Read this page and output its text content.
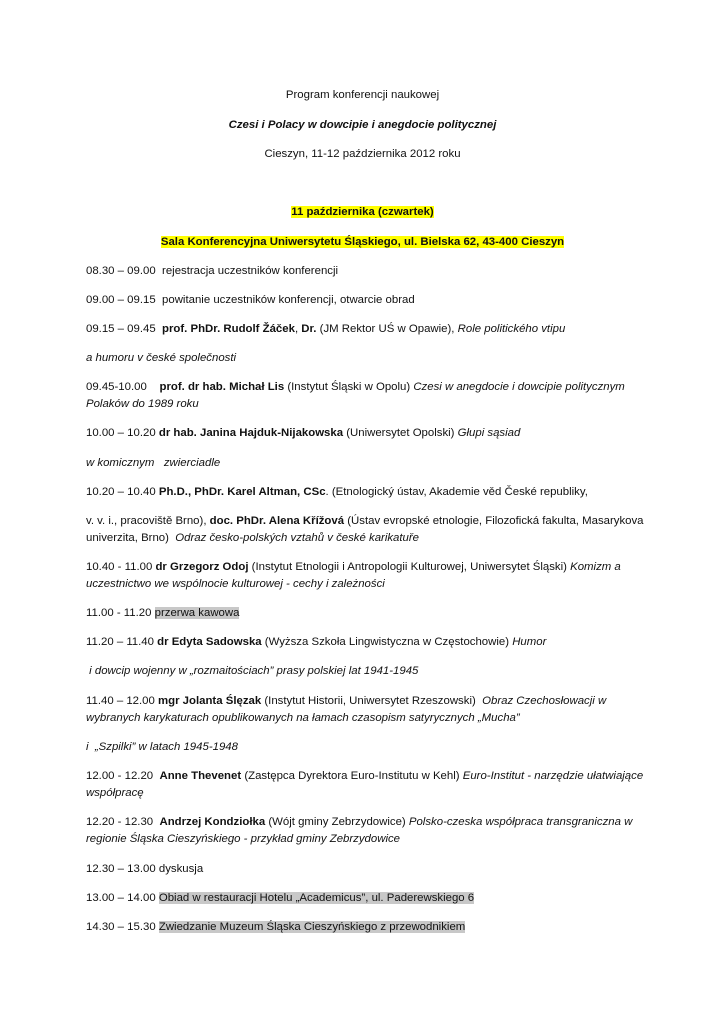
Program konferencji naukowej
Czesi i Polacy w dowcipie i anegdocie politycznej
Cieszyn, 11-12 października 2012 roku
11 października (czwartek)
Sala Konferencyjna Uniwersytetu Śląskiego, ul. Bielska 62, 43-400 Cieszyn
08.30 – 09.00 rejestracja uczestników konferencji
09.00 – 09.15 powitanie uczestników konferencji, otwarcie obrad
09.15 – 09.45 prof. PhDr. Rudolf Žáček, Dr. (JM Rektor UŚ w Opawie), Role politického vtipu
a humoru v české společnosti
09.45-10.00 prof. dr hab. Michał Lis (Instytut Śląski w Opolu) Czesi w anegdocie i dowcipie politycznym
Polaków do 1989 roku
10.00 – 10.20 dr hab. Janina Hajduk-Nijakowska (Uniwersytet Opolski) Głupi sąsiad
w komicznym   zwierciadle
10.20 – 10.40 Ph.D., PhDr. Karel Altman, CSc. (Etnologický ústav, Akademie věd České republiky,
v. v. i., pracoviště Brno), doc. PhDr. Alena Křížová (Ústav evropské etnologie, Filozofická fakulta, Masarykova
univerzita, Brno) Odraz česko-polských vztahů v české karikatuře
10.40 - 11.00 dr Grzegorz Odoj (Instytut Etnologii i Antropologii Kulturowej, Uniwersytet Śląski) Komizm a
uczestnictwo we wspólnocie kulturowej - cechy i zależności
11.00 - 11.20 przerwa kawowa
11.20 – 11.40 dr Edyta Sadowska (Wyższa Szkoła Lingwistyczna w Częstochowie) Humor
i dowcip wojenny w „rozmaitościach” prasy polskiej lat 1941-1945
11.40 – 12.00 mgr Jolanta Ślęzak (Instytut Historii, Uniwersytet Rzeszowski) Obraz Czechosłowacji w
wybranych karykaturach opublikowanych na łamach czasopism satyrycznych „Mucha”
i  „Szpilki” w latach 1945-1948
12.00 - 12.20 Anne Thevenet (Zastępca Dyrektora Euro-Institutu w Kehl) Euro-Institut - narzędzie ułatwiające
współpracę
12.20 - 12.30 Andrzej Kondziołka (Wójt gminy Zebrzydowice) Polsko-czeska współpraca transgraniczna w
regionie Śląska Cieszyńskiego - przykład gminy Zebrzydowice
12.30 – 13.00 dyskusja
13.00 – 14.00 Obiad w restauracji Hotelu „Academicus”, ul. Paderewskiego 6
14.30 – 15.30 Zwiedzanie Muzeum Śląska Cieszyńskiego z przewodnikiem
